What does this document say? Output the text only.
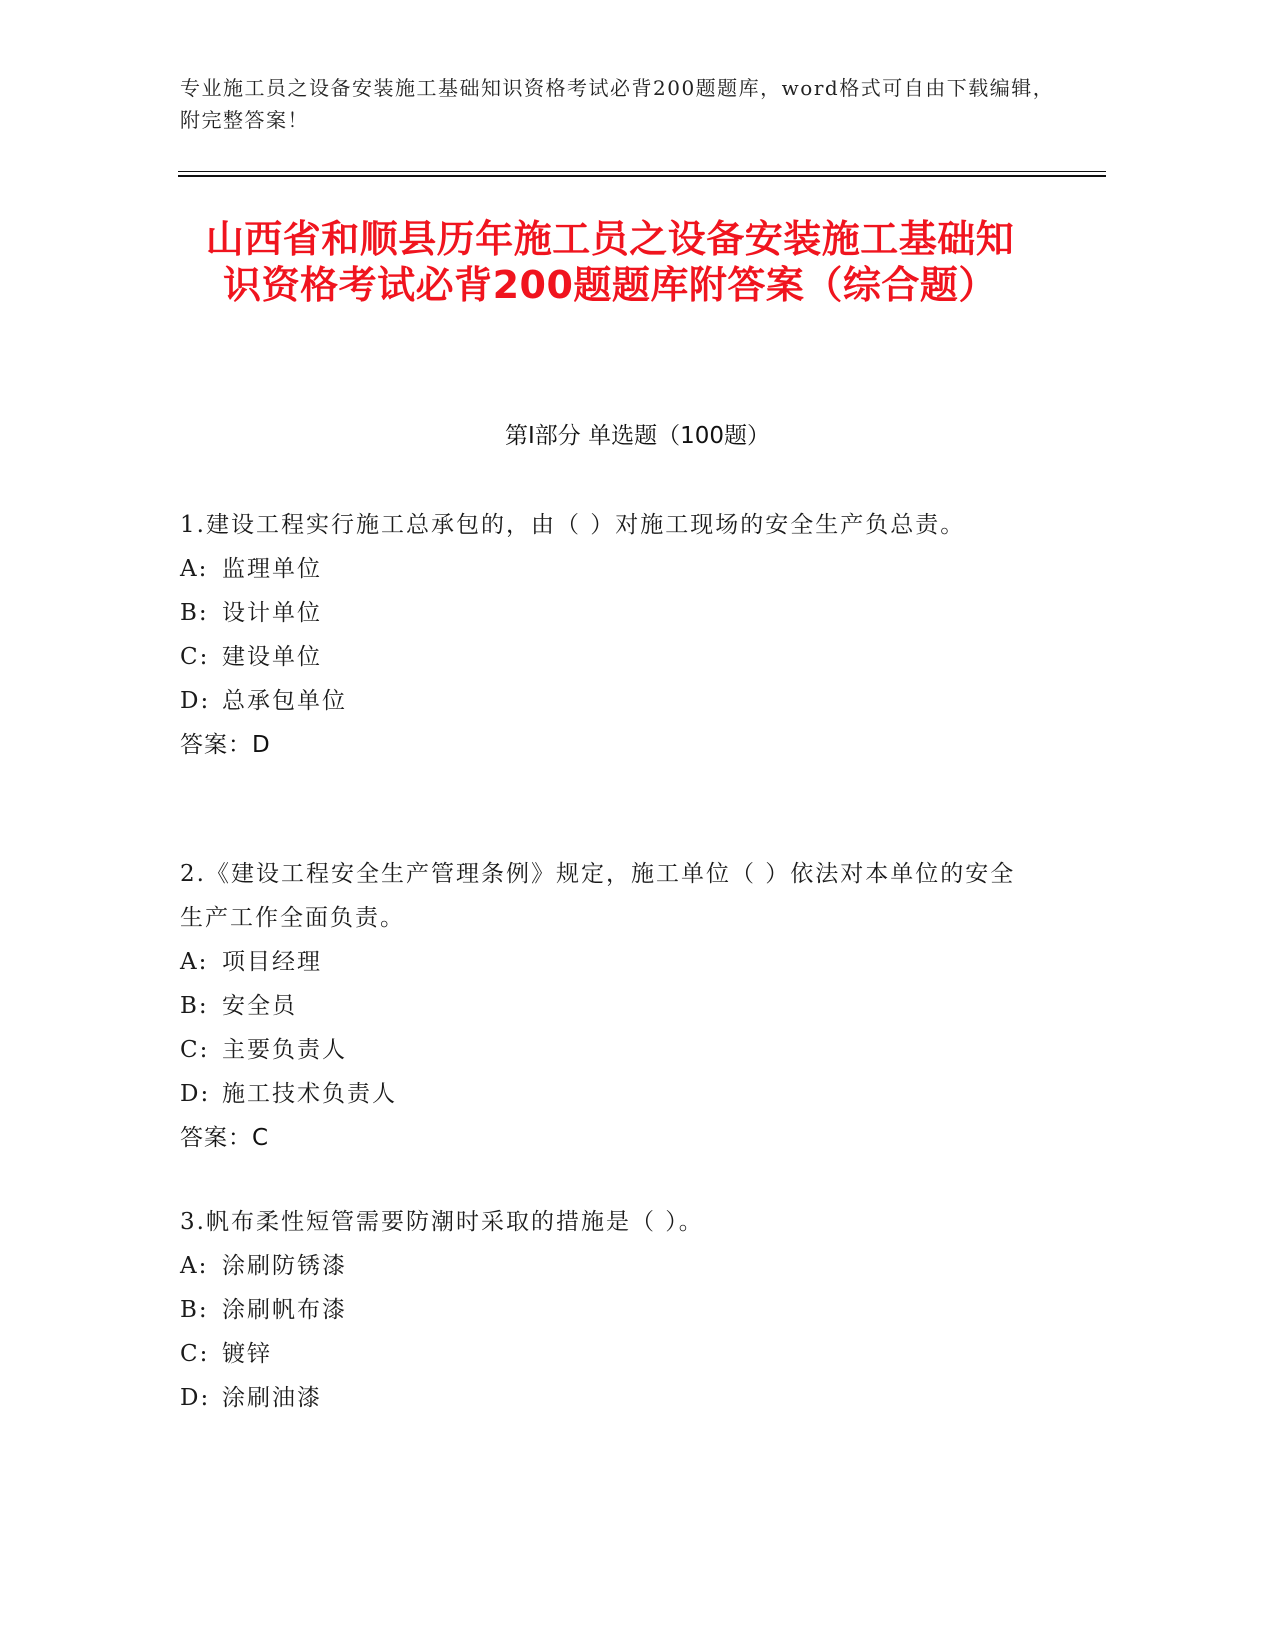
专业施工员之设备安装施工基础知识资格考试必背200题题库，word格式可自由下载编辑，附完整答案！
山西省和顺县历年施工员之设备安装施工基础知识资格考试必背200题题库附答案（综合题）
第Ⅰ部分 单选题（100题）
1.建设工程实行施工总承包的，由（ ）对施工现场的安全生产负总责。
A: 监理单位
B: 设计单位
C: 建设单位
D: 总承包单位
答案：D
2.《建设工程安全生产管理条例》规定，施工单位（ ）依法对本单位的安全生产工作全面负责。
A: 项目经理
B: 安全员
C: 主要负责人
D: 施工技术负责人
答案：C
3.帆布柔性短管需要防潮时采取的措施是（ ）。
A: 涂刷防锈漆
B: 涂刷帆布漆
C: 镀锌
D: 涂刷油漆
